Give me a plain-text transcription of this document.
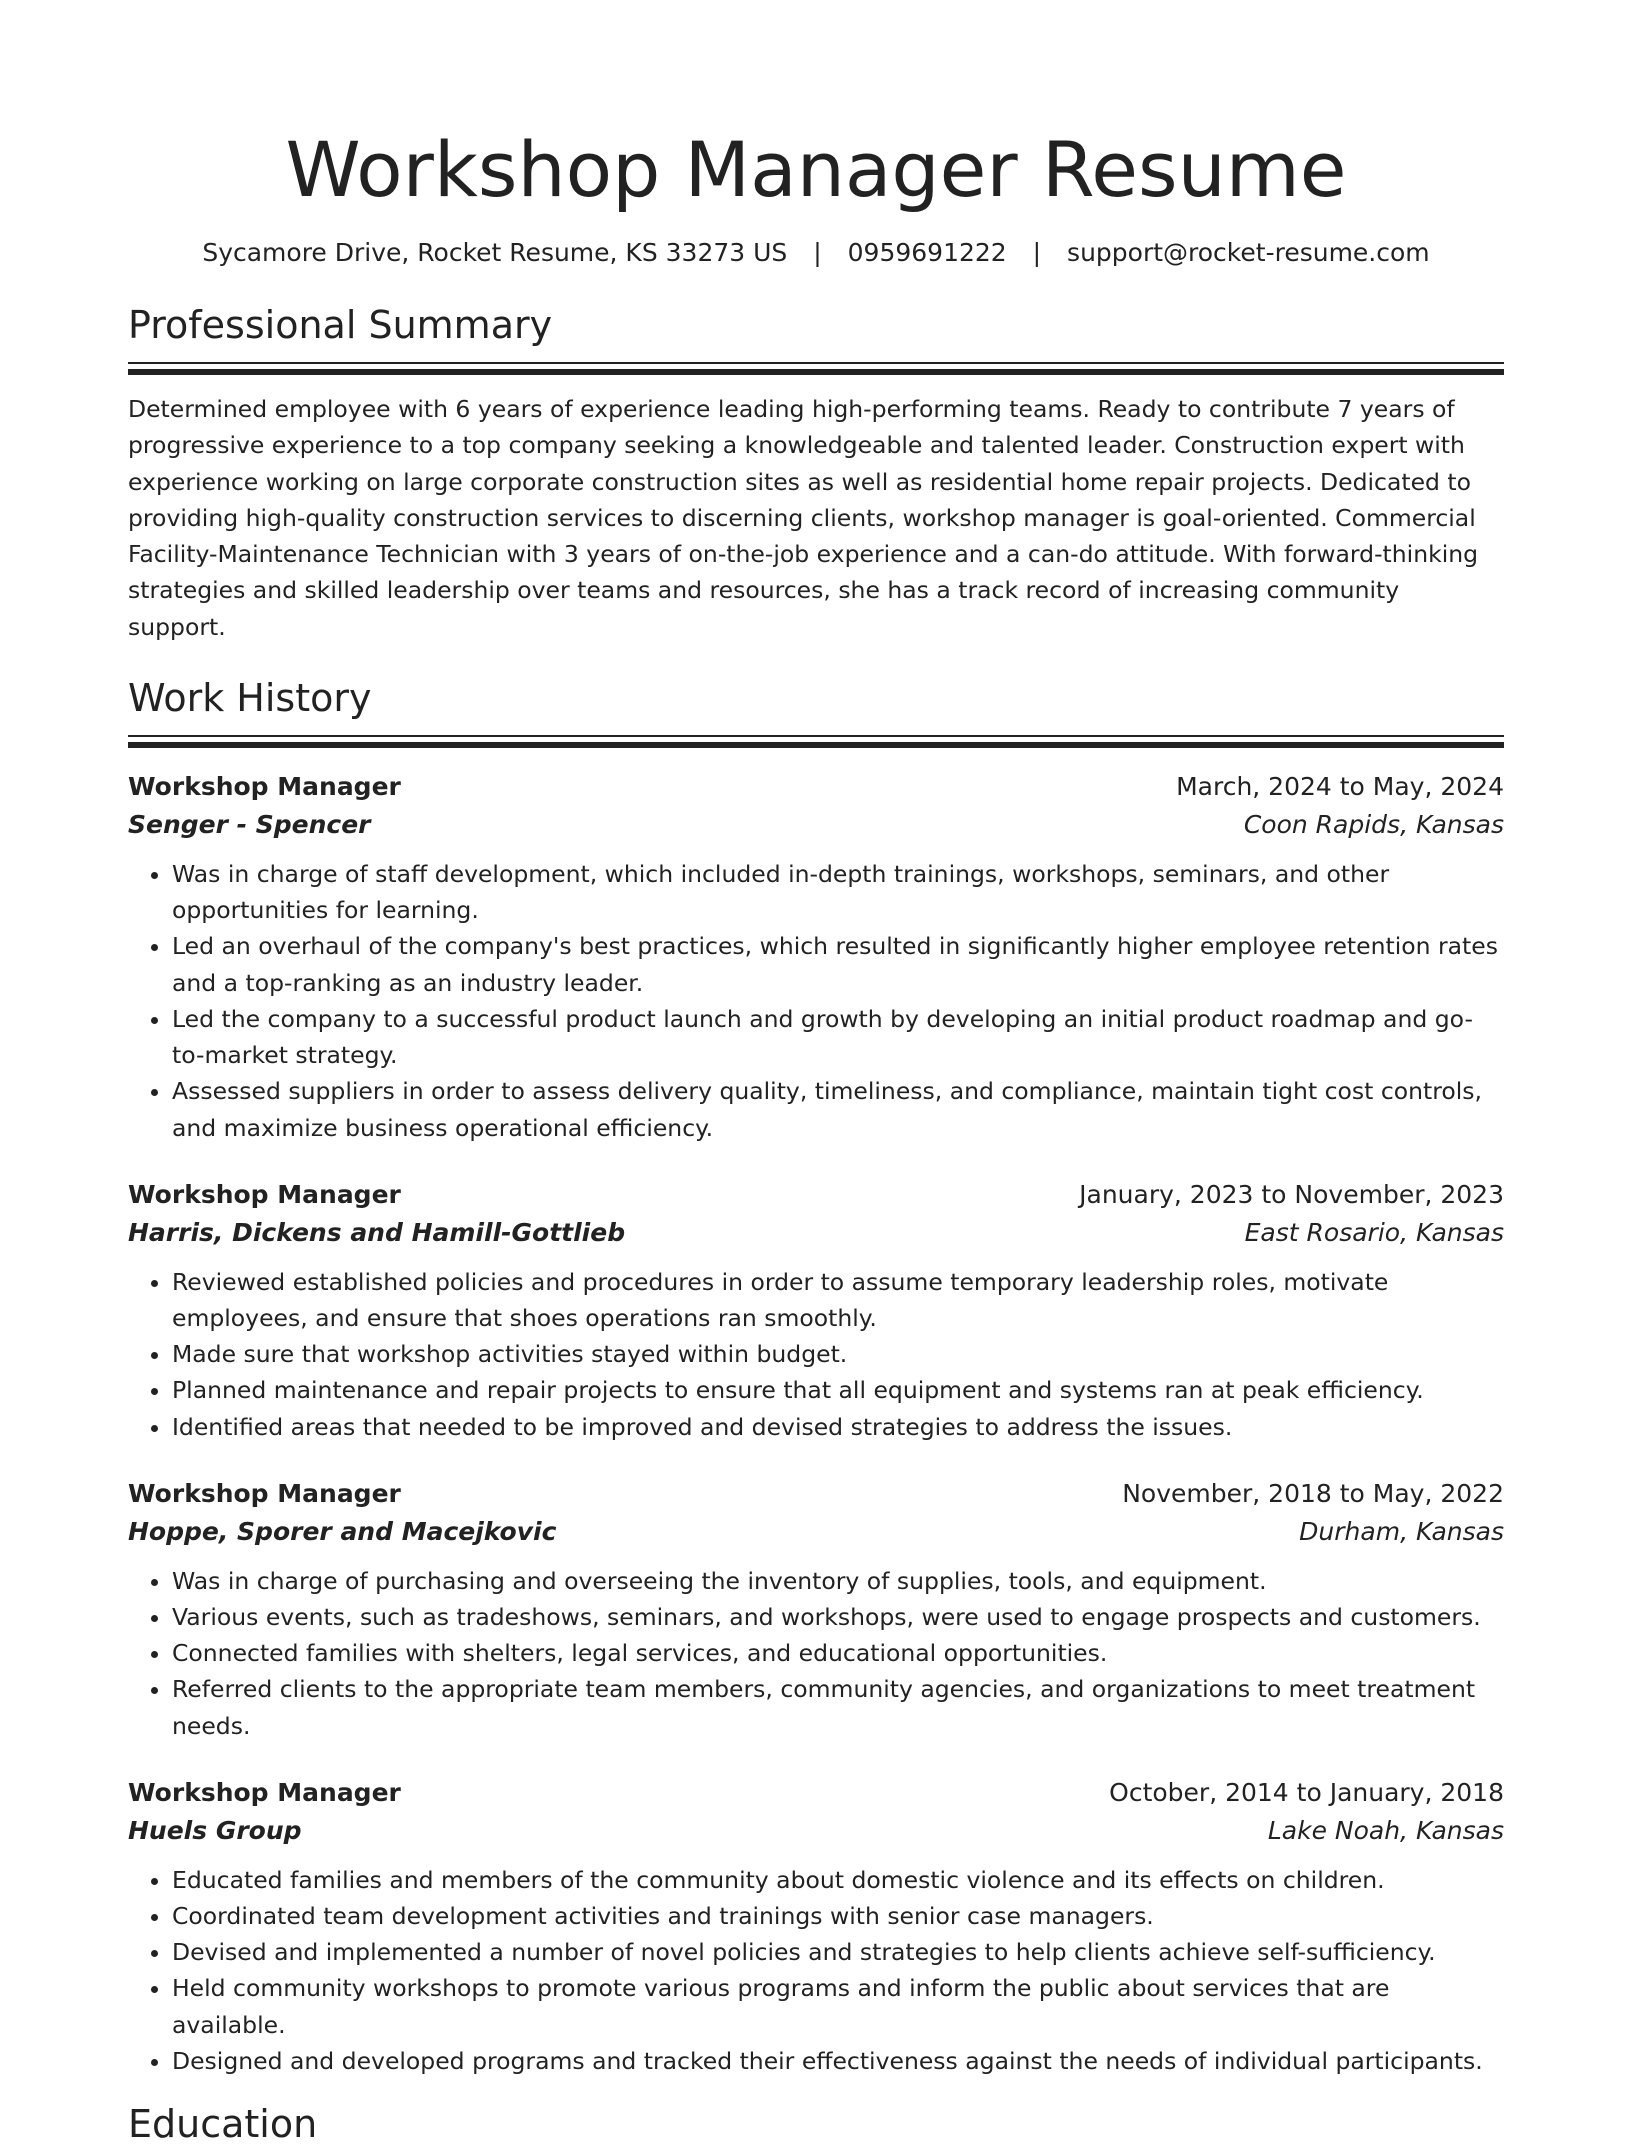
Workshop Manager Resume
Sycamore Drive, Rocket Resume, KS 33273 US | 0959691222 | support@rocket-resume.com
Professional Summary

Determined employee with 6 years of experience leading high-performing teams. Ready to contribute 7 years of progressive experience to a top company seeking a knowledgeable and talented leader. Construction expert with experience working on large corporate construction sites as well as residential home repair projects. Dedicated to providing high-quality construction services to discerning clients, workshop manager is goal-oriented. Commercial Facility-Maintenance Technician with 3 years of on-the-job experience and a can-do attitude. With forward-thinking strategies and skilled leadership over teams and resources, she has a track record of increasing community support.

Work History
Workshop Manager	March, 2024 to May, 2024
Senger - Spencer	Coon Rapids, Kansas
• Was in charge of staff development, which included in-depth trainings, workshops, seminars, and other opportunities for learning.
• Led an overhaul of the company's best practices, which resulted in significantly higher employee retention rates and a top-ranking as an industry leader.
• Led the company to a successful product launch and growth by developing an initial product roadmap and go-to-market strategy.
• Assessed suppliers in order to assess delivery quality, timeliness, and compliance, maintain tight cost controls, and maximize business operational efficiency.
Workshop Manager	January, 2023 to November, 2023
Harris, Dickens and Hamill-Gottlieb	East Rosario, Kansas
• Reviewed established policies and procedures in order to assume temporary leadership roles, motivate employees, and ensure that shoes operations ran smoothly.
• Made sure that workshop activities stayed within budget.
• Planned maintenance and repair projects to ensure that all equipment and systems ran at peak efficiency.
• Identified areas that needed to be improved and devised strategies to address the issues.
Workshop Manager	November, 2018 to May, 2022
Hoppe, Sporer and Macejkovic	Durham, Kansas
• Was in charge of purchasing and overseeing the inventory of supplies, tools, and equipment.
• Various events, such as tradeshows, seminars, and workshops, were used to engage prospects and customers.
• Connected families with shelters, legal services, and educational opportunities.
• Referred clients to the appropriate team members, community agencies, and organizations to meet treatment needs.
Workshop Manager	October, 2014 to January, 2018
Huels Group	Lake Noah, Kansas
• Educated families and members of the community about domestic violence and its effects on children.
• Coordinated team development activities and trainings with senior case managers.
• Devised and implemented a number of novel policies and strategies to help clients achieve self-sufficiency.
• Held community workshops to promote various programs and inform the public about services that are available.
• Designed and developed programs and tracked their effectiveness against the needs of individual participants.
Education
